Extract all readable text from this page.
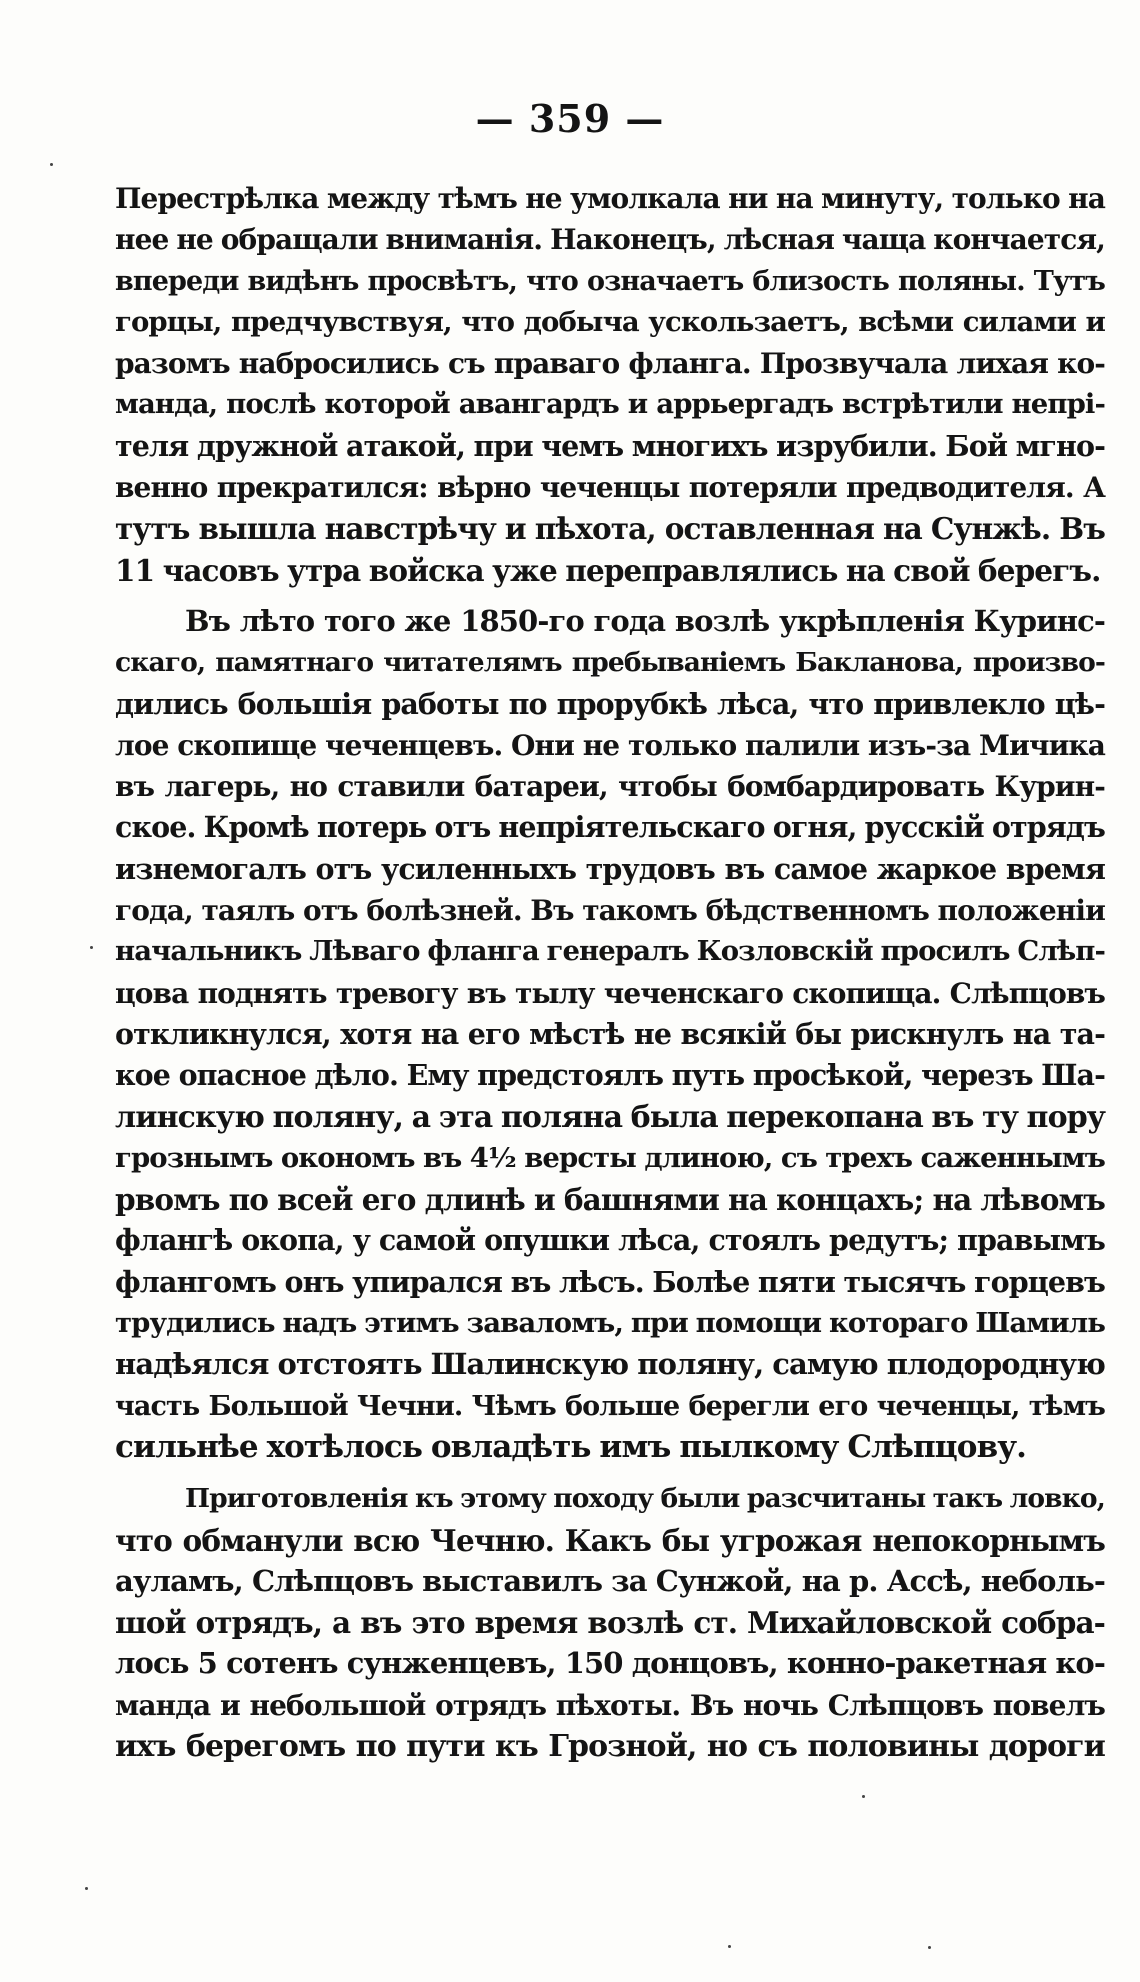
— 359 —
Перестрѣлка между тѣмъ не умолкала ни на минуту, только на
нее не обращали вниманія. Наконецъ, лѣсная чаща кончается,
впереди видѣнъ просвѣтъ, что означаетъ близость поляны. Тутъ
горцы, предчувствуя, что добыча ускользаетъ, всѣми силами и
разомъ набросились съ праваго фланга. Прозвучала лихая ко-
манда, послѣ которой авангардъ и аррьергадъ встрѣтили непрі-
теля дружной атакой, при чемъ многихъ изрубили. Бой мгно-
венно прекратился: вѣрно чеченцы потеряли предводителя. А
тутъ вышла навстрѣчу и пѣхота, оставленная на Сунжѣ. Въ
11 часовъ утра войска уже переправлялись на свой берегъ.
Въ лѣто того же 1850-го года возлѣ укрѣпленія Куринс-
скаго, памятнаго читателямъ пребываніемъ Бакланова, произво-
дились большія работы по прорубкѣ лѣса, что привлекло цѣ-
лое скопище чеченцевъ. Они не только палили изъ-за Мичика
въ лагерь, но ставили батареи, чтобы бомбардировать Курин-
ское. Кромѣ потерь отъ непріятельскаго огня, русскій отрядъ
изнемогалъ отъ усиленныхъ трудовъ въ самое жаркое время
года, таялъ отъ болѣзней. Въ такомъ бѣдственномъ положеніи
начальникъ Лѣваго фланга генералъ Козловскій просилъ Слѣп-
цова поднять тревогу въ тылу чеченскаго скопища. Слѣпцовъ
откликнулся, хотя на его мѣстѣ не всякій бы рискнулъ на та-
кое опасное дѣло. Ему предстоялъ путь просѣкой, черезъ Ша-
линскую поляну, а эта поляна была перекопана въ ту пору
грознымъ окономъ въ 4½ версты длиною, съ трехъ саженнымъ
рвомъ по всей его длинѣ и башнями на концахъ; на лѣвомъ
флангѣ окопа, у самой опушки лѣса, стоялъ редутъ; правымъ
флангомъ онъ упирался въ лѣсъ. Болѣе пяти тысячъ горцевъ
трудились надъ этимъ заваломъ, при помощи котораго Шамиль
надѣялся отстоять Шалинскую поляну, самую плодородную
часть Большой Чечни. Чѣмъ больше берегли его чеченцы, тѣмъ
сильнѣе хотѣлось овладѣть имъ пылкому Слѣпцову.
Приготовленія къ этому походу были разсчитаны такъ ловко,
что обманули всю Чечню. Какъ бы угрожая непокорнымъ
ауламъ, Слѣпцовъ выставилъ за Сунжой, на р. Ассѣ, неболь-
шой отрядъ, а въ это время возлѣ ст. Михайловской собра-
лось 5 сотенъ сунженцевъ, 150 донцовъ, конно-ракетная ко-
манда и небольшой отрядъ пѣхоты. Въ ночь Слѣпцовъ повелъ
ихъ берегомъ по пути къ Грозной, но съ половины дороги
